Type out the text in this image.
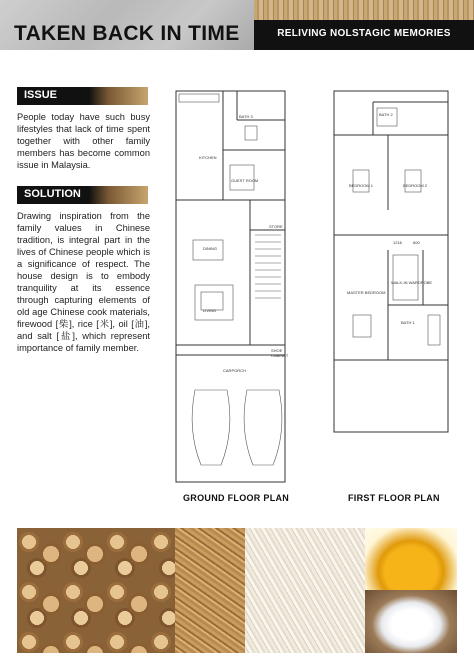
TAKEN BACK IN TIME	RELIVING NOLSTAGIC MEMORIES
ISSUE
People today have such busy lifestyles that lack of time spent together with other family members has become common issue in Malaysia.
SOLUTION
Drawing inspiration from the family values in Chinese tradition, is integral part in the lives of Chinese people which is a significance of respect. The house design is to embody tranquility at its essence through capturing elements of old age Chinese cook materials, firewood [柴], rice [米], oil [油], and salt [盐], which represent importance of family member.
BATH 3
KITCHEN
GUEST ROOM
STORE
DINING
LIVING
SHOE CABINET
CARPORCH
GROUND FLOOR PLAN
BATH 2
BEDROOM 1	BEDROOM 2
1216	600
WALK-IN WARDROBE
MASTER BEDROOM
BATH 1
FIRST FLOOR PLAN
